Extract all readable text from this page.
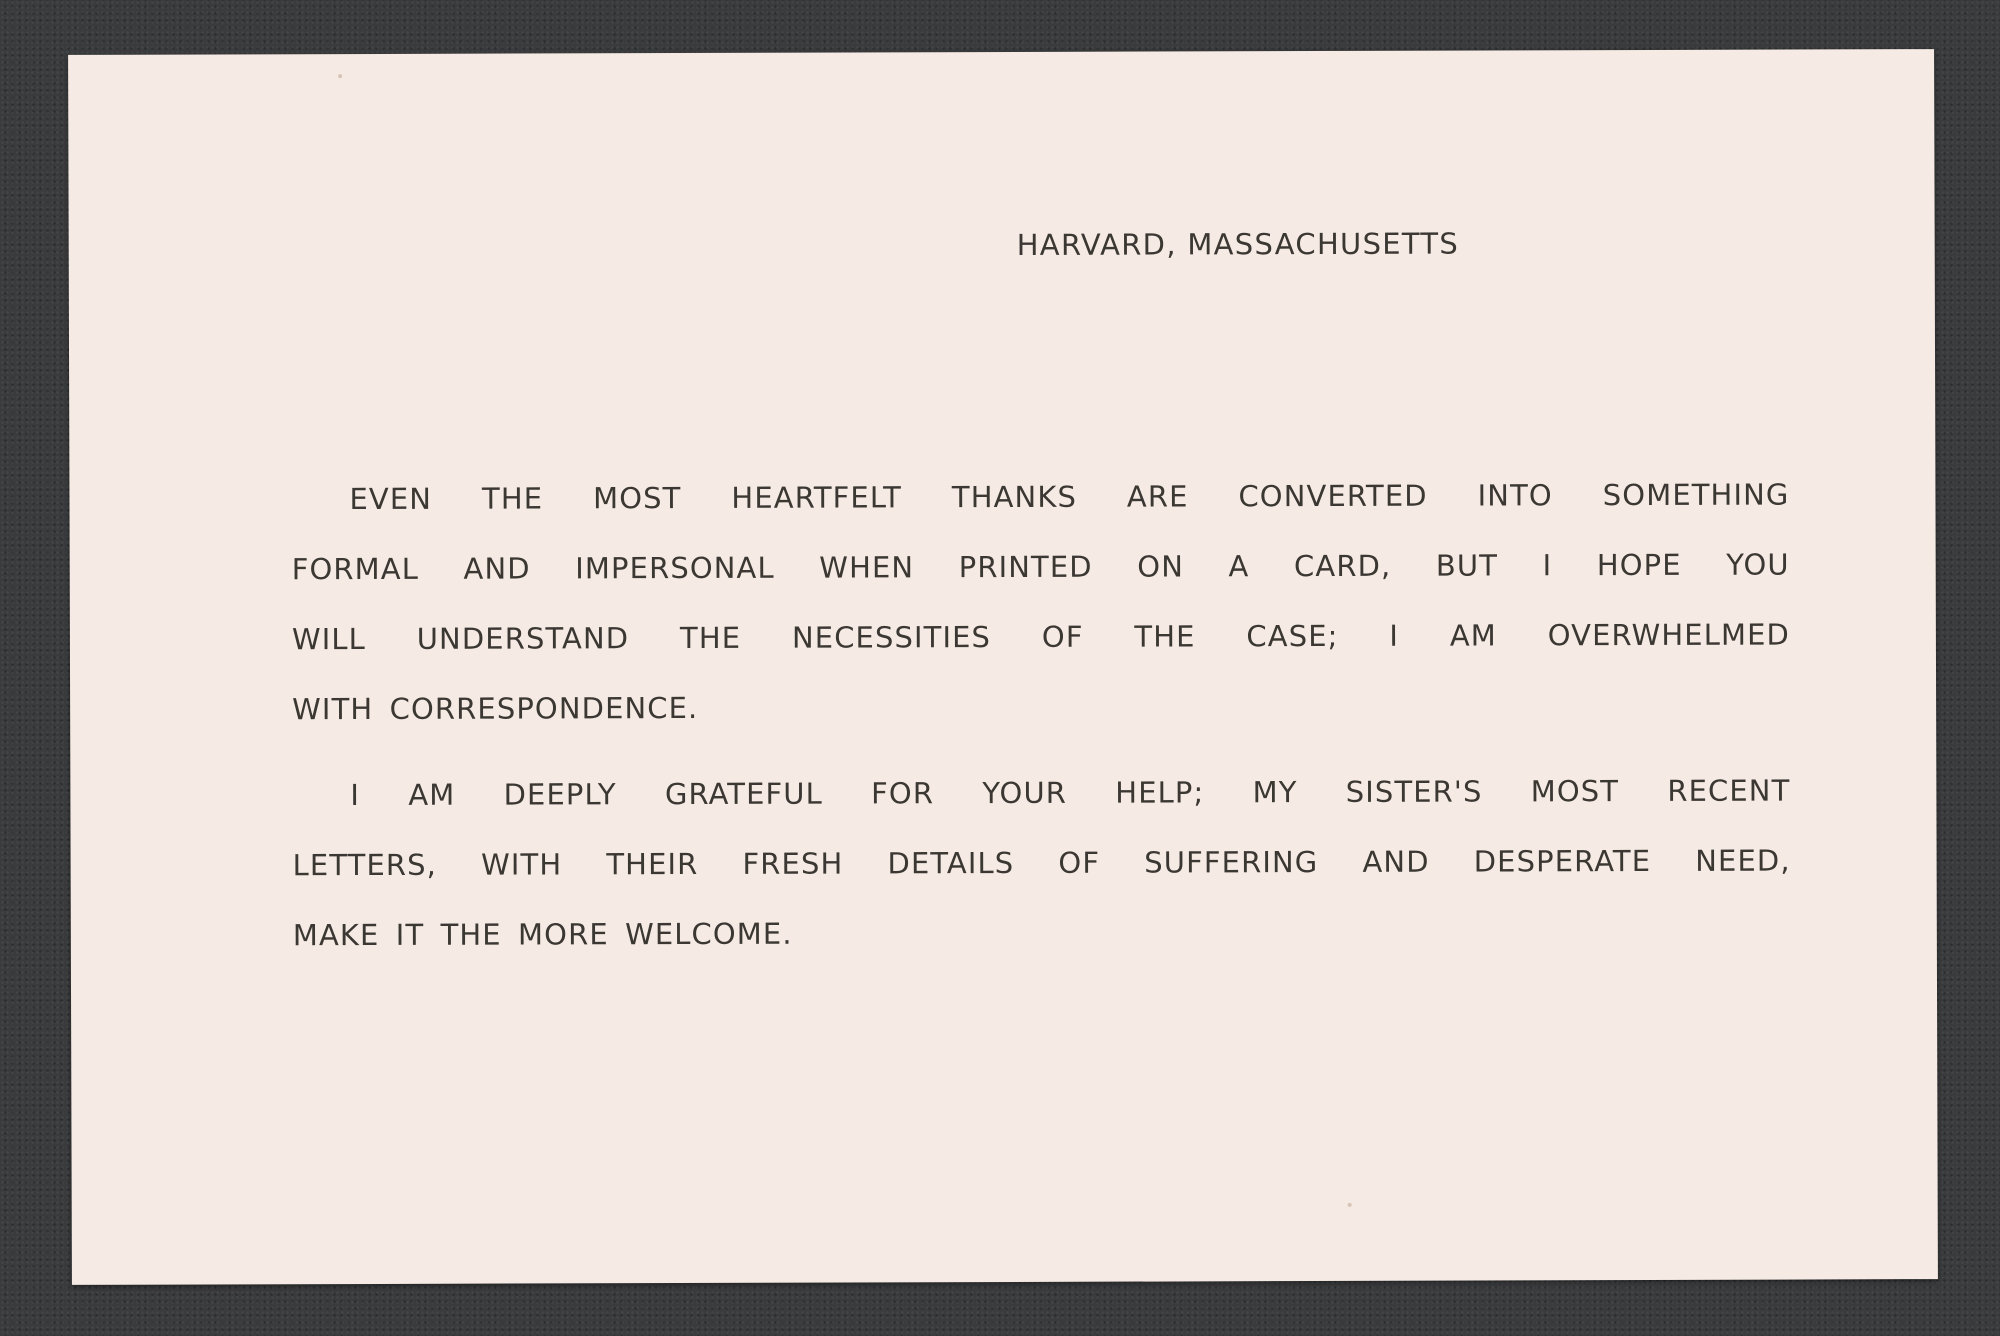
HARVARD, MASSACHUSETTS

EVEN THE MOST HEARTFELT THANKS ARE CONVERTED INTO SOMETHING
FORMAL AND IMPERSONAL WHEN PRINTED ON A CARD, BUT I HOPE YOU
WILL UNDERSTAND THE NECESSITIES OF THE CASE; I AM OVERWHELMED
WITH CORRESPONDENCE.

I AM DEEPLY GRATEFUL FOR YOUR HELP; MY SISTER'S MOST RECENT
LETTERS, WITH THEIR FRESH DETAILS OF SUFFERING AND DESPERATE NEED,
MAKE IT THE MORE WELCOME.
